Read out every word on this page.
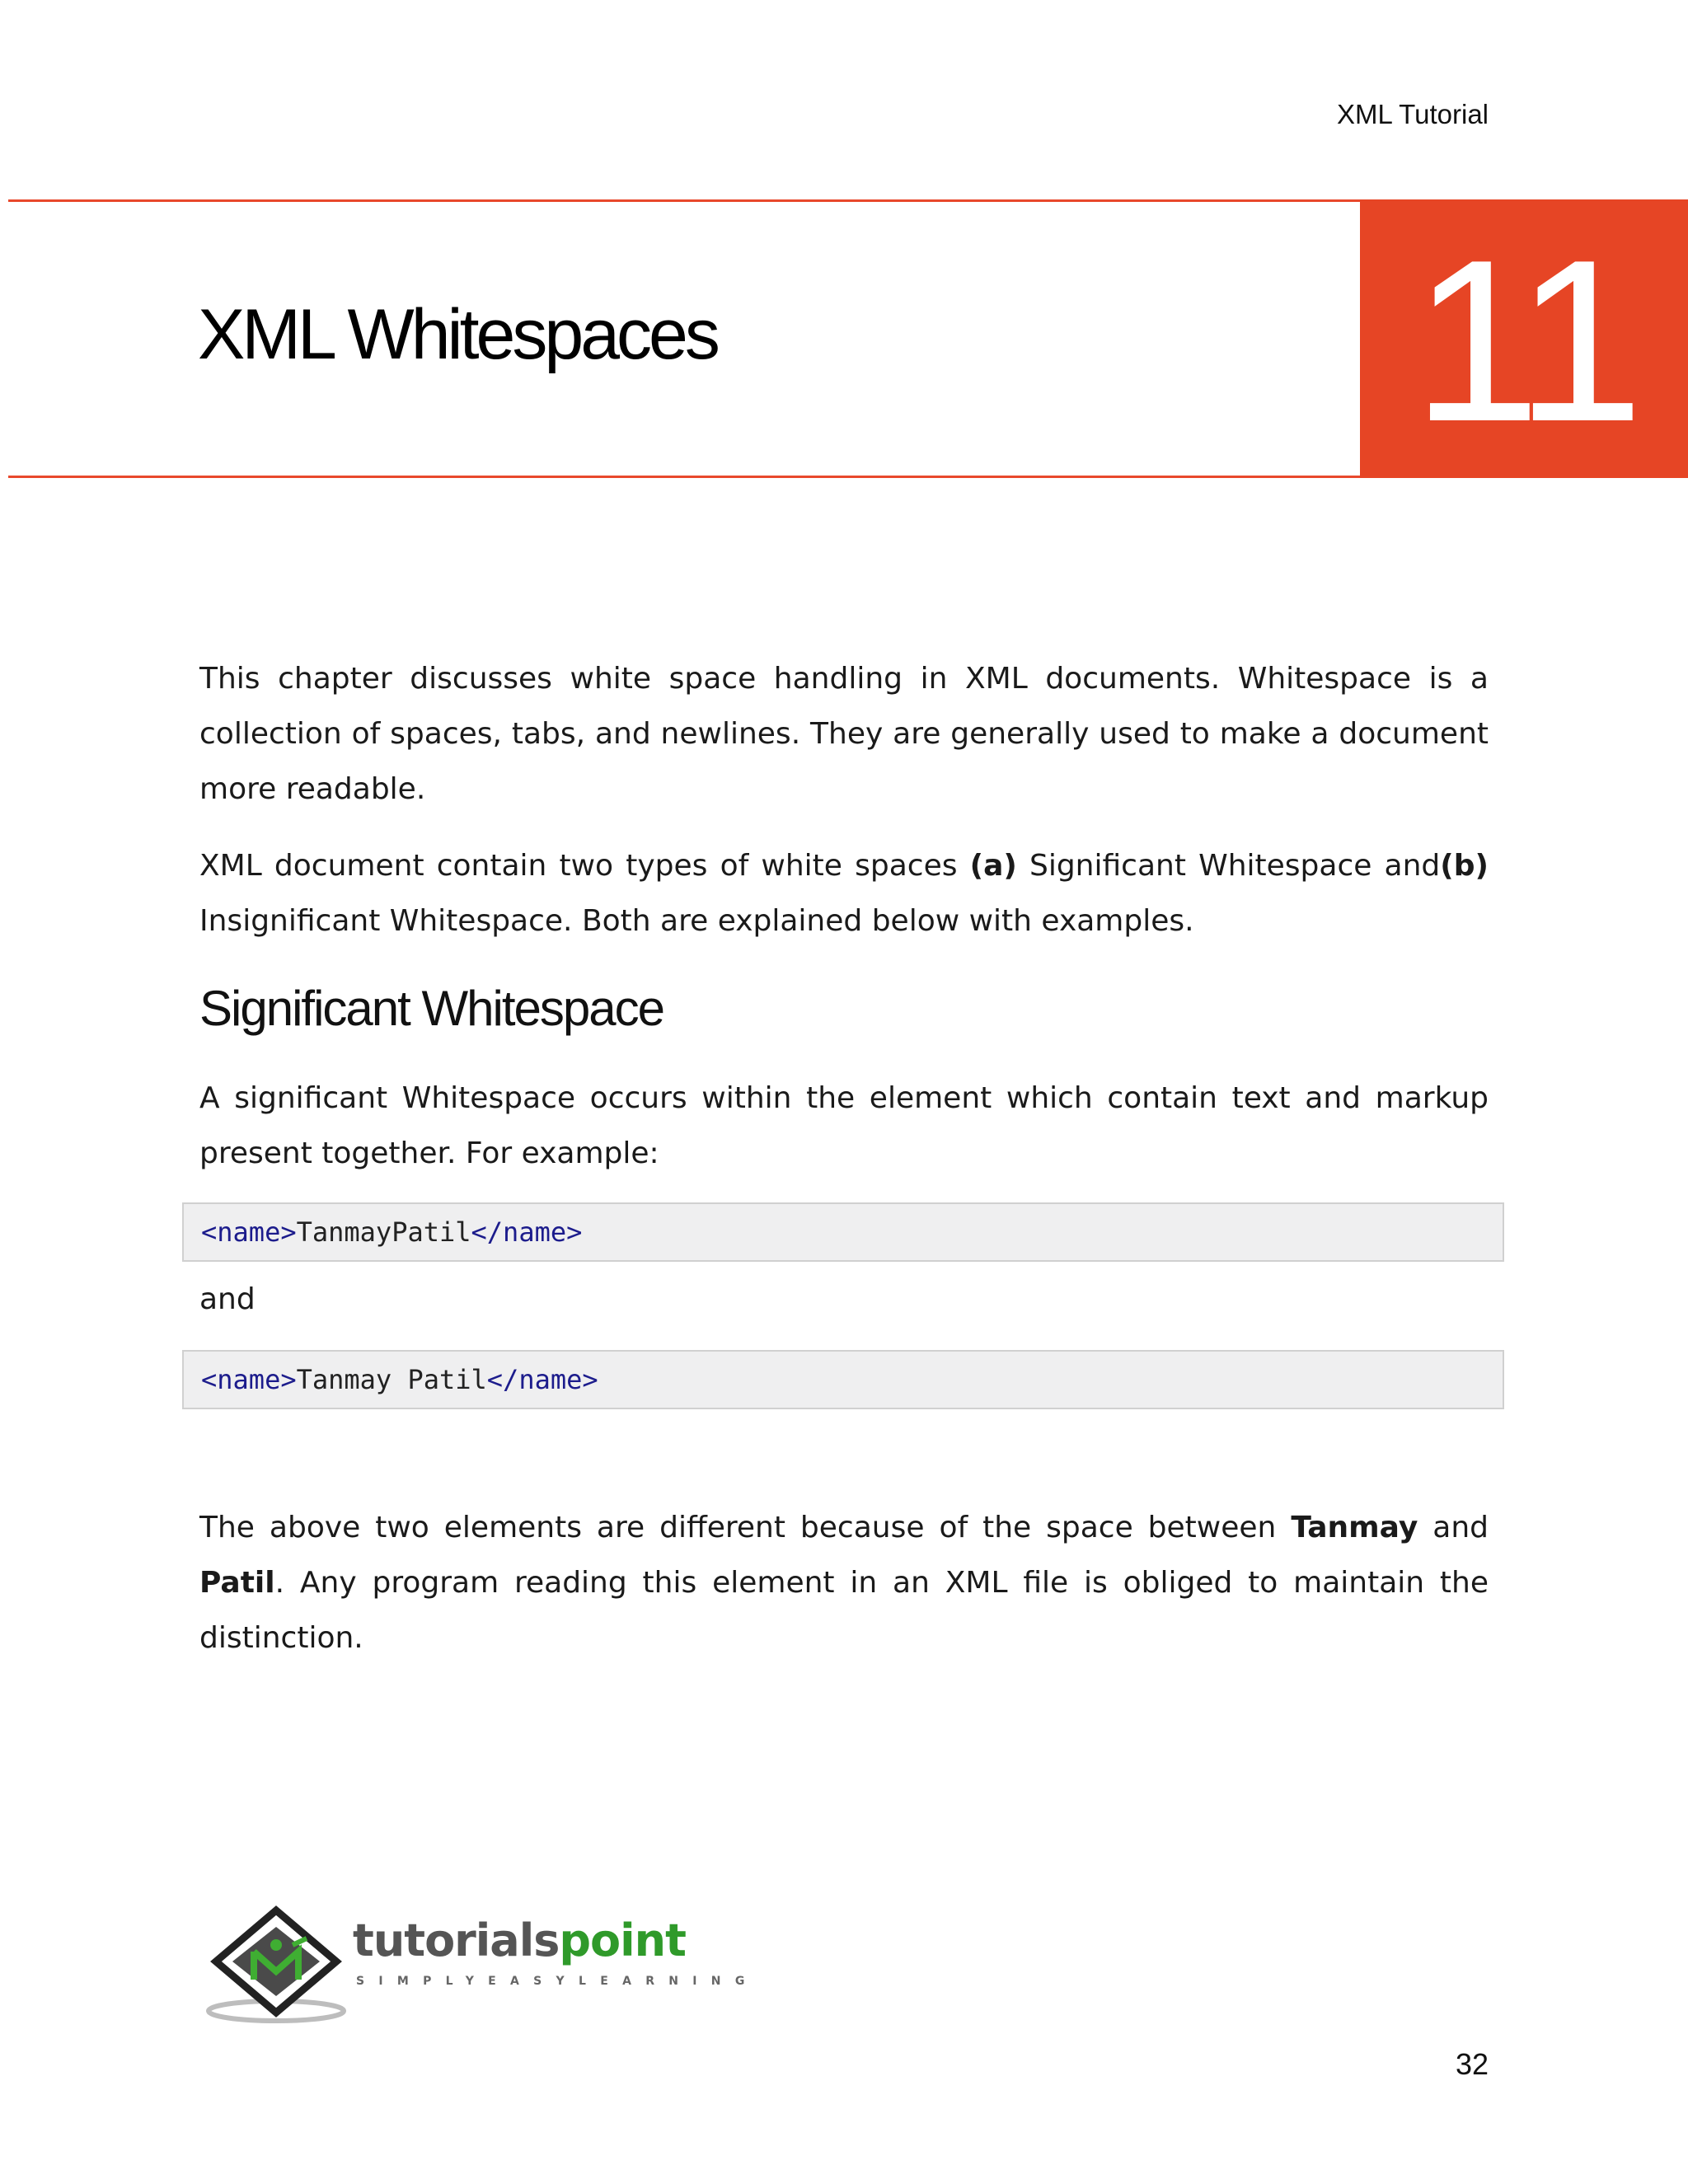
XML Tutorial
XML Whitespaces	11

This chapter discusses white space handling in XML documents. Whitespace is a collection of spaces, tabs, and newlines. They are generally used to make a document more readable.

XML document contain two types of white spaces (a) Significant Whitespace and(b) Insignificant Whitespace. Both are explained below with examples.

Significant Whitespace

A significant Whitespace occurs within the element which contain text and markup present together. For example:

<name> TanmayPatil </name>
and
<name> Tanmay Patil </name>

The above two elements are different because of the space between Tanmay and Patil. Any program reading this element in an XML file is obliged to maintain the distinction.

tutorialspoint
SIMPLYEASYLEARNING
32
